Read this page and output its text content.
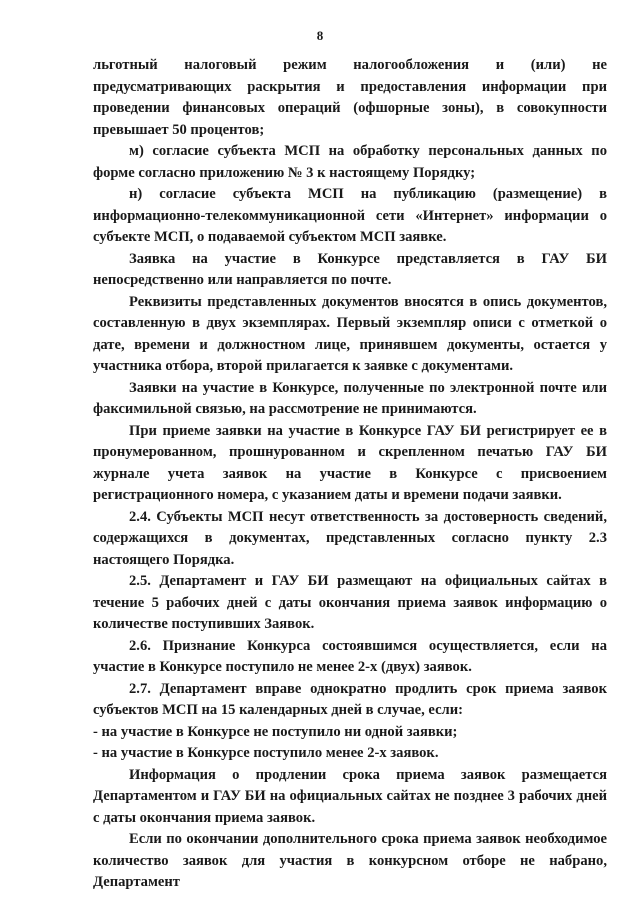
8

льготный налоговый режим налогообложения и (или) не предусматривающих раскрытия и предоставления информации при проведении финансовых операций (офшорные зоны), в совокупности превышает 50 процентов;

м) согласие субъекта МСП на обработку персональных данных по форме согласно приложению № 3 к настоящему Порядку;

н) согласие субъекта МСП на публикацию (размещение) в информационно-телекоммуникационной сети «Интернет» информации о субъекте МСП, о подаваемой субъектом МСП заявке.

Заявка на участие в Конкурсе представляется в ГАУ БИ непосредственно или направляется по почте.

Реквизиты представленных документов вносятся в опись документов, составленную в двух экземплярах. Первый экземпляр описи с отметкой о дате, времени и должностном лице, принявшем документы, остается у участника отбора, второй прилагается к заявке с документами.

Заявки на участие в Конкурсе, полученные по электронной почте или факсимильной связью, на рассмотрение не принимаются.

При приеме заявки на участие в Конкурсе ГАУ БИ регистрирует ее в пронумерованном, прошнурованном и скрепленном печатью ГАУ БИ журнале учета заявок на участие в Конкурсе с присвоением регистрационного номера, с указанием даты и времени подачи заявки.

2.4. Субъекты МСП несут ответственность за достоверность сведений, содержащихся в документах, представленных согласно пункту 2.3 настоящего Порядка.

2.5. Департамент и ГАУ БИ размещают на официальных сайтах в течение 5 рабочих дней с даты окончания приема заявок информацию о количестве поступивших Заявок.

2.6. Признание Конкурса состоявшимся осуществляется, если на участие в Конкурсе поступило не менее 2-х (двух) заявок.

2.7. Департамент вправе однократно продлить срок приема заявок субъектов МСП на 15 календарных дней в случае, если:

- на участие в Конкурсе не поступило ни одной заявки;

- на участие в Конкурсе поступило менее 2-х заявок.

Информация о продлении срока приема заявок размещается Департаментом и ГАУ БИ на официальных сайтах не позднее 3 рабочих дней с даты окончания приема заявок.

Если по окончании дополнительного срока приема заявок необходимое количество заявок для участия в конкурсном отборе не набрано, Департамент
